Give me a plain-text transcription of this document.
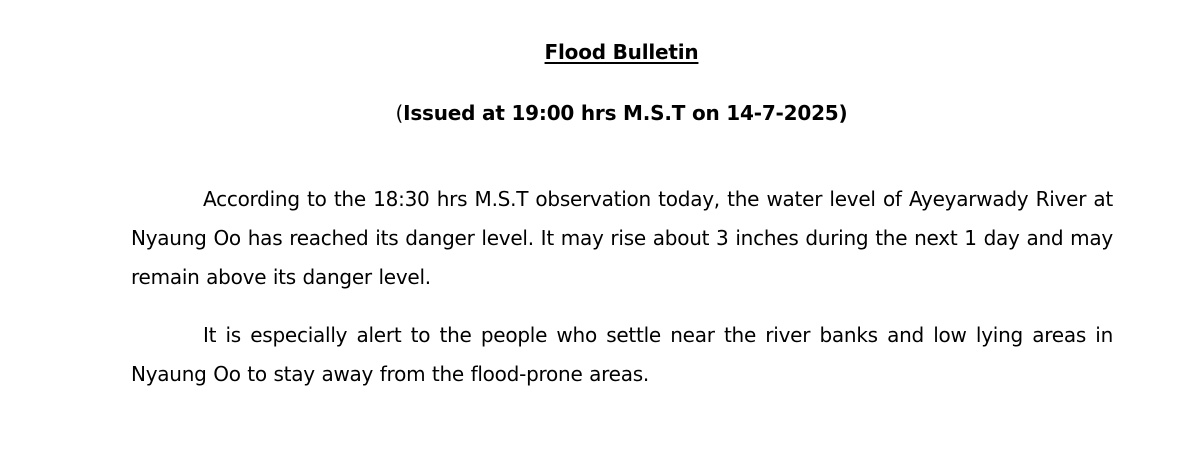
Flood Bulletin
(Issued at 19:00 hrs M.S.T on 14-7-2025)

According to the 18:30 hrs M.S.T observation today, the water level of Ayeyarwady River at Nyaung Oo has reached its danger level. It may rise about 3 inches during the next 1 day and may remain above its danger level.

It is especially alert to the people who settle near the river banks and low lying areas in Nyaung Oo to stay away from the flood-prone areas.
